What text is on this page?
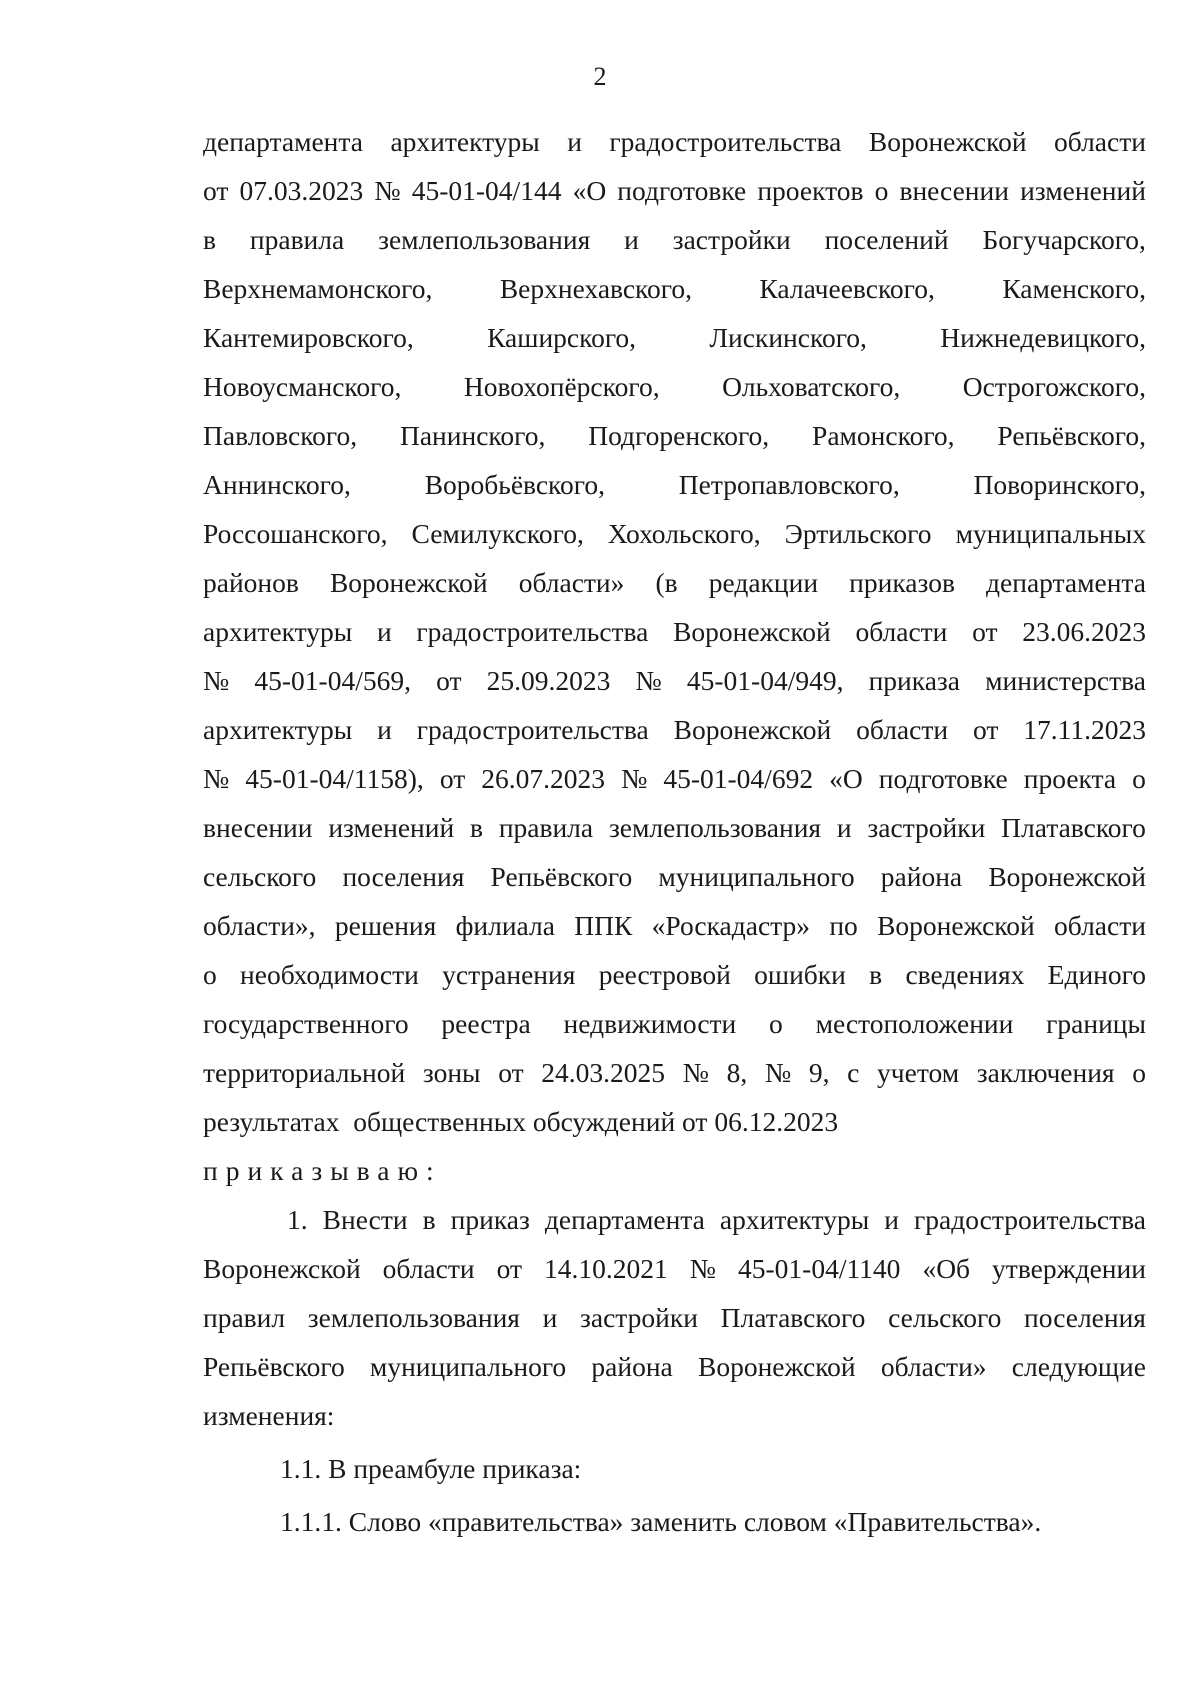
2
департамента архитектуры и градостроительства Воронежской области
от 07.03.2023 № 45-01-04/144 «О подготовке проектов о внесении изменений
в правила землепользования и застройки поселений Богучарского,
Верхнемамонского, Верхнехавского, Калачеевского, Каменского,
Кантемировского,	Каширского,	Лискинского,	Нижнедевицкого,
Новоусманского, Новохопёрского, Ольховатского, Острогожского,
Павловского, Панинского, Подгоренского, Рамонского, Репьёвского,
Аннинского,	Воробьёвского,	Петропавловского,	Поворинского,
Россошанского, Семилукского, Хохольского, Эртильского муниципальных
районов Воронежской области» (в редакции приказов департамента
архитектуры и градостроительства Воронежской области от 23.06.2023
№ 45-01-04/569, от 25.09.2023 № 45-01-04/949, приказа министерства
архитектуры и градостроительства Воронежской области от 17.11.2023
№ 45-01-04/1158), от 26.07.2023 № 45-01-04/692 «О подготовке проекта о
внесении изменений в правила землепользования и застройки Платавского
сельского поселения Репьёвского муниципального района Воронежской
области», решения филиала ППК «Роскадастр» по Воронежской области
о необходимости устранения реестровой ошибки в сведениях Единого
государственного реестра недвижимости о местоположении границы
территориальной зоны от 24.03.2025 № 8, № 9, с учетом заключения о
результатах  общественных обсуждений от 06.12.2023
приказываю:
1. Внести в приказ департамента архитектуры и градостроительства
Воронежской области от 14.10.2021 № 45-01-04/1140 «Об утверждении
правил землепользования и застройки Платавского сельского поселения
Репьёвского муниципального района Воронежской области» следующие
изменения:
1.1. В преамбуле приказа:
1.1.1. Слово «правительства» заменить словом «Правительства».
